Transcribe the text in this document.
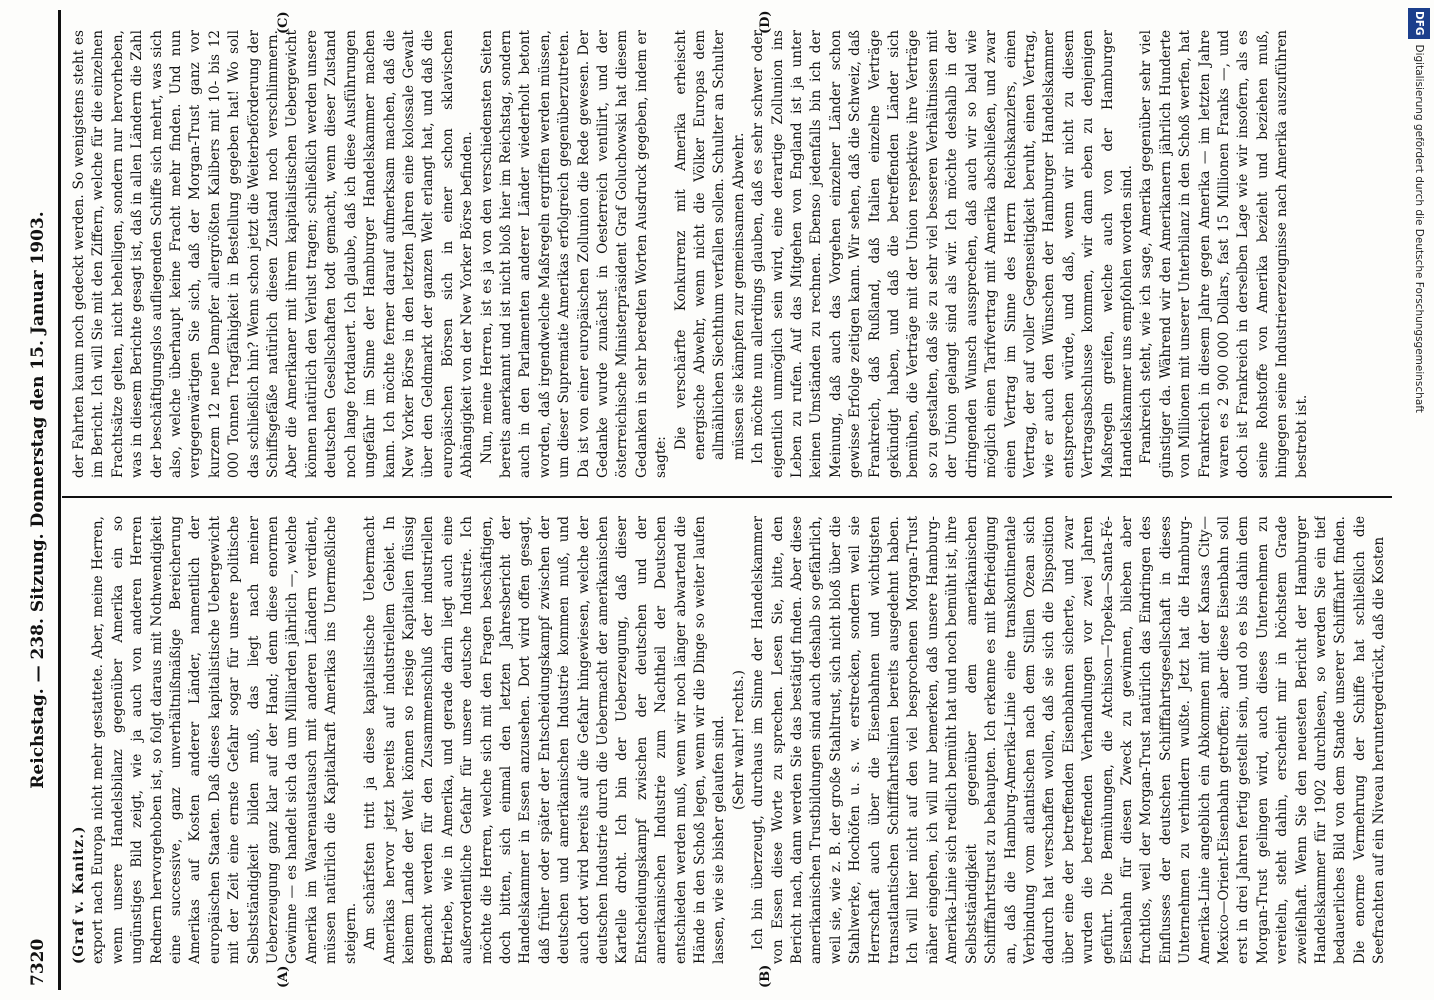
7320
Reichstag. — 238. Sitzung. Donnerstag den 15. Januar 1903.
(A)	(B)
(C)	(D)

(Graf v. Kanitz.) export nach Europa nicht mehr gestattete. Aber, meine Herren, wenn unsere Handelsbilanz gegenüber Amerika ein so ungünstiges Bild zeigt, wie ja auch von anderen Herren Rednern hervorgehoben ist, so folgt daraus mit Nothwendigkeit eine successive, ganz unverhältnißmäßige Bereicherung Amerikas auf Kosten anderer Länder, namentlich der europäischen Staaten. Daß dieses kapitalistische Uebergewicht mit der Zeit eine ernste Gefahr sogar für unsere politische Selbstständigkeit bilden muß, das liegt nach meiner Ueberzeugung ganz klar auf der Hand; denn diese enormen Gewinne — es handelt sich da um Milliarden jährlich —, welche Amerika im Waarenaustausch mit anderen Ländern verdient, müssen natürlich die Kapitalkraft Amerikas ins Unermeßliche steigern. Am schärfsten tritt ja diese kapitalistische Uebermacht Amerikas hervor jetzt bereits auf industriellem Gebiet. In keinem Lande der Welt können so riesige Kapitalien flüssig gemacht werden für den Zusammenschluß der industriellen Betriebe, wie in Amerika, und gerade darin liegt auch eine außerordentliche Gefahr für unsere deutsche Industrie. Ich möchte die Herren, welche sich mit den Fragen beschäftigen, doch bitten, sich einmal den letzten Jahresbericht der Handelskammer in Essen anzusehen. Dort wird offen gesagt, daß früher oder später der Entscheidungskampf zwischen der deutschen und amerikanischen Industrie kommen muß, und auch dort wird bereits auf die Gefahr hingewiesen, welche der deutschen Industrie durch die Uebermacht der amerikanischen Kartelle droht. Ich bin der Ueberzeugung, daß dieser Entscheidungskampf zwischen der deutschen und der amerikanischen Industrie zum Nachtheil der Deutschen entschieden werden muß, wenn wir noch länger abwartend die Hände in den Schoß legen, wenn wir die Dinge so weiter laufen lassen, wie sie bisher gelaufen sind. (Sehr wahr! rechts.) Ich bin überzeugt, durchaus im Sinne der Handelskammer von Essen diese Worte zu sprechen. Lesen Sie, bitte, den Bericht nach, dann werden Sie das bestätigt finden. Aber diese amerikanischen Trustbildungen sind auch deshalb so gefährlich, weil sie, wie z. B. der große Stahltrust, sich nicht bloß über die Stahlwerke, Hochöfen u. s. w. erstrecken, sondern weil sie Herrschaft auch über die Eisenbahnen und wichtigsten transatlantischen Schifffahrtslinien bereits ausgedehnt haben. Ich will hier nicht auf den viel besprochenen Morgan-Trust näher eingehen, ich will nur bemerken, daß unsere Hamburg-Amerika-Linie sich redlich bemüht hat und noch bemüht ist, ihre Selbstständigkeit gegenüber dem amerikanischen Schifffahrtstrust zu behaupten. Ich erkenne es mit Befriedigung an, daß die Hamburg-Amerika-Linie eine transkontinentale Verbindung vom atlantischen nach dem Stillen Ozean sich dadurch hat verschaffen wollen, daß sie sich die Disposition über eine der betreffenden Eisenbahnen sicherte, und zwar wurden die betreffenden Verhandlungen vor zwei Jahren geführt. Die Bemühungen, die Atchison—Topeka—Santa-Fé-Eisenbahn für diesen Zweck zu gewinnen, blieben aber fruchtlos, weil der Morgan-Trust natürlich das Eindringen des Einflusses der deutschen Schifffahrtsgesellschaft in dieses Unternehmen zu verhindern wußte. Jetzt hat die Hamburg-Amerika-Linie angeblich ein Abkommen mit der Kansas City—Mexico—Orient-Eisenbahn getroffen; aber diese Eisenbahn soll erst in drei Jahren fertig gestellt sein, und ob es bis dahin dem Morgan-Trust gelingen wird, auch dieses Unternehmen zu vereiteln, steht dahin, erscheint mir in höchstem Grade zweifelhaft. Wenn Sie den neuesten Bericht der Hamburger Handelskammer für 1902 durchlesen, so werden Sie ein tief bedauerliches Bild von dem Stande unserer Schifffahrt finden. Die enorme Vermehrung der Schiffe hat schließlich die Seefrachten auf ein Niveau heruntergedrückt, daß die Kosten

der Fahrten kaum noch gedeckt werden. So wenigstens steht es im Bericht. Ich will Sie mit den Ziffern, welche für die einzelnen Frachtsätze gelten, nicht behelligen, sondern nur hervorheben, was in diesem Berichte gesagt ist, daß in allen Ländern die Zahl der beschäftigungslos aufliegenden Schiffe sich mehrt, was sich also, welche überhaupt keine Fracht mehr finden. Und nun vergegenwärtigen Sie sich, daß der Morgan-Trust ganz vor kurzem 12 neue Dampfer allergrößten Kalibers mit 10- bis 12 000 Tonnen Tragfähigkeit in Bestellung gegeben hat! Wo soll das schließlich hin? Wenn schon jetzt die Weiterbeförderung der Schiffsgefäße natürlich diesen Zustand noch verschlimmern. Aber die Amerikaner mit ihrem kapitalistischen Uebergewicht können natürlich den Verlust tragen; schließlich werden unsere deutschen Gesellschaften todt gemacht, wenn dieser Zustand noch lange fortdauert. Ich glaube, daß ich diese Ausführungen ungefähr im Sinne der Hamburger Handelskammer machen kann. Ich möchte ferner darauf aufmerksam machen, daß die New Yorker Börse in den letzten Jahren eine kolossale Gewalt über den Geldmarkt der ganzen Welt erlangt hat, und daß die europäischen Börsen sich in einer schon sklavischen Abhängigkeit von der New Yorker Börse befinden. Nun, meine Herren, ist es ja von den verschiedensten Seiten bereits anerkannt und ist nicht bloß hier im Reichstag, sondern auch in den Parlamenten anderer Länder wiederholt betont worden, daß irgendwelche Maßregeln ergriffen werden müssen, um dieser Suprematie Amerikas erfolgreich gegenüberzutreten. Da ist von einer europäischen Zollunion die Rede gewesen. Der Gedanke wurde zunächst in Oesterreich ventilirt, und der österreichische Ministerpräsident Graf Goluchowski hat diesem Gedanken in sehr beredten Worten Ausdruck gegeben, indem er sagte:

Die verschärfte Konkurrenz mit Amerika erheischt energische Abwehr, wenn nicht die Völker Europas dem allmählichen Siechthum verfallen sollen. Schulter an Schulter müssen sie kämpfen zur gemeinsamen Abwehr. Ich möchte nun allerdings glauben, daß es sehr schwer oder eigentlich unmöglich sein wird, eine derartige Zollunion ins Leben zu rufen. Auf das Mitgehen von England ist ja unter keinen Umständen zu rechnen. Ebenso jedenfalls bin ich der Meinung, daß auch das Vorgehen einzelner Länder schon gewisse Erfolge zeitigen kann. Wir sehen, daß die Schweiz, daß Frankreich, daß Rußland, daß Italien einzelne Verträge gekündigt haben, und daß die betreffenden Länder sich bemühen, die Verträge mit der Union respektive ihre Verträge so zu gestalten, daß sie zu sehr viel besseren Verhältnissen mit der Union gelangt sind als wir. Ich möchte deshalb in der dringenden Wunsch aussprechen, daß auch wir so bald wie möglich einen Tarifvertrag mit Amerika abschließen, und zwar einen Vertrag im Sinne des Herrn Reichskanzlers, einen Vertrag, der auf voller Gegenseitigkeit beruht, einen Vertrag, wie er auch den Wünschen der Hamburger Handelskammer entsprechen würde, und daß, wenn wir nicht zu diesem Vertragsabschlusse kommen, wir dann eben zu denjenigen Maßregeln greifen, welche auch von der Hamburger Handelskammer uns empfohlen worden sind. Frankreich steht, wie ich sage, Amerika gegenüber sehr viel günstiger da. Während wir den Amerikanern jährlich Hunderte von Millionen mit unserer Unterbilanz in den Schoß werfen, hat Frankreich in diesem Jahre gegen Amerika — im letzten Jahre waren es 2 900 000 Dollars, fast 15 Millionen Franks —, und doch ist Frankreich in derselben Lage wie wir insofern, als es seine Rohstoffe von Amerika bezieht und beziehen muß, hingegen seine Industrieerzeugnisse nach Amerika auszuführen bestrebt ist.

DFGDigitalisierung gefördert durch die Deutsche Forschungsgemeinschaft
